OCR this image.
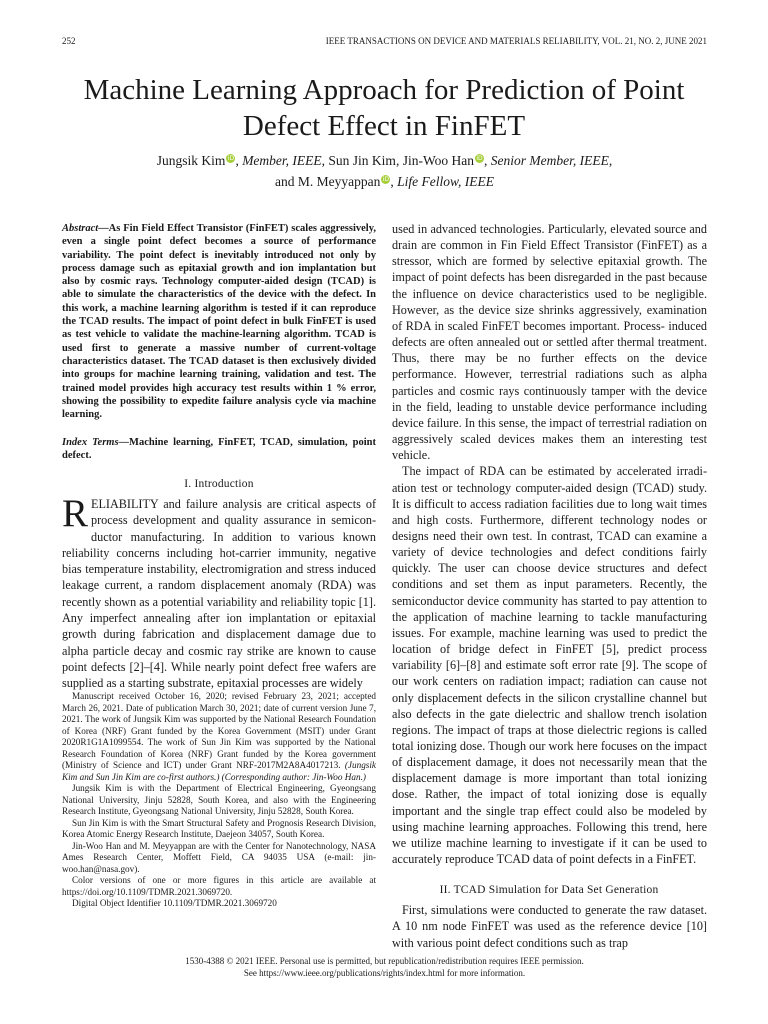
252	IEEE TRANSACTIONS ON DEVICE AND MATERIALS RELIABILITY, VOL. 21, NO. 2, JUNE 2021
Machine Learning Approach for Prediction of Point
Defect Effect in FinFET

Jungsik Kim iD, Member, IEEE, Sun Jin Kim, Jin-Woo Han iD, Senior Member, IEEE,

and M. Meyyappan iD, Life Fellow, IEEE

Abstract—As Fin Field Effect Transistor (FinFET) scales aggressively, even a single point defect becomes a source of performance variability. The point defect is inevitably introduced not only by process damage such as epitaxial growth and ion implantation but also by cosmic rays. Technology computer-aided design (TCAD) is able to simulate the characteristics of the device with the defect. In this work, a machine learning algorithm is tested if it can reproduce the TCAD results. The impact of point defect in bulk FinFET is used as test vehicle to validate the machine-learning algorithm. TCAD is used first to generate a massive number of current-voltage characteristics dataset. The TCAD dataset is then exclusively divided into groups for machine learning training, validation and test. The trained model provides high accuracy test results within 1 % error, showing the possibility to expedite failure analysis cycle via machine learning.

Index Terms—Machine learning, FinFET, TCAD, simulation, point defect.

I. Introduction

RELIABILITY and failure analysis are critical aspects of process development and quality assurance in semiconductor manufacturing. In addition to various known reliability concerns including hot-carrier immunity, negative bias temperature instability, electromigration and stress induced leakage current, a random displacement anomaly (RDA) was recently shown as a potential variability and reliability topic [1]. Any imperfect annealing after ion implantation or epitaxial growth during fabrication and displacement damage due to alpha particle decay and cosmic ray strike are known to cause point defects [2]–[4]. While nearly point defect free wafers are supplied as a starting substrate, epitaxial processes are widely

Manuscript received October 16, 2020; revised February 23, 2021; accepted March 26, 2021. Date of publication March 30, 2021; date of current version June 7, 2021. The work of Jungsik Kim was supported by the National Research Foundation of Korea (NRF) Grant funded by the Korea Government (MSIT) under Grant 2020R1G1A1099554. The work of Sun Jin Kim was supported by the National Research Foundation of Korea (NRF) Grant funded by the Korea government (Ministry of Science and ICT) under Grant NRF-2017M2A8A4017213. (Jungsik Kim and Sun Jin Kim are co-first authors.) (Corresponding author: Jin-Woo Han.)

Jungsik Kim is with the Department of Electrical Engineering, Gyeongsang National University, Jinju 52828, South Korea, and also with the Engineering Research Institute, Gyeongsang National University, Jinju 52828, South Korea.

Sun Jin Kim is with the Smart Structural Safety and Prognosis Research Division, Korea Atomic Energy Research Institute, Daejeon 34057, South Korea.

Jin-Woo Han and M. Meyyappan are with the Center for Nanotechnology, NASA Ames Research Center, Moffett Field, CA 94035 USA (e-mail: jin-woo.han@nasa.gov).

Color versions of one or more figures in this article are available at https://doi.org/10.1109/TDMR.2021.3069720.

Digital Object Identifier 10.1109/TDMR.2021.3069720

used in advanced technologies. Particularly, elevated source and drain are common in Fin Field Effect Transistor (FinFET) as a stressor, which are formed by selective epitaxial growth. The impact of point defects has been disregarded in the past because the influence on device characteristics used to be negligible. However, as the device size shrinks aggressively, examination of RDA in scaled FinFET becomes important. Process- induced defects are often annealed out or settled after thermal treatment. Thus, there may be no further effects on the device performance. However, terrestrial radiations such as alpha particles and cosmic rays continuously tamper with the device in the field, leading to unstable device performance including device failure. In this sense, the impact of terrestrial radiation on aggressively scaled devices makes them an interesting test vehicle.

The impact of RDA can be estimated by accelerated irradiation test or technology computer-aided design (TCAD) study. It is difficult to access radiation facilities due to long wait times and high costs. Furthermore, different technology nodes or designs need their own test. In contrast, TCAD can examine a variety of device technologies and defect conditions fairly quickly. The user can choose device structures and defect conditions and set them as input parameters. Recently, the semiconductor device community has started to pay attention to the application of machine learning to tackle manufacturing issues. For example, machine learning was used to predict the location of bridge defect in FinFET [5], predict process variability [6]–[8] and estimate soft error rate [9]. The scope of our work centers on radiation impact; radiation can cause not only displacement defects in the silicon crystalline channel but also defects in the gate dielectric and shallow trench isolation regions. The impact of traps at those dielectric regions is called total ionizing dose. Though our work here focuses on the impact of displacement damage, it does not necessarily mean that the displacement damage is more important than total ionizing dose. Rather, the impact of total ionizing dose is equally important and the single trap effect could also be modeled by using machine learning approaches. Following this trend, here we utilize machine learning to investigate if it can be used to accurately reproduce TCAD data of point defects in a FinFET.

II. TCAD Simulation for Data Set Generation

First, simulations were conducted to generate the raw dataset. A 10 nm node FinFET was used as the reference device [10] with various point defect conditions such as trap

1530-4388 © 2021 IEEE. Personal use is permitted, but republication/redistribution requires IEEE permission.

See https://www.ieee.org/publications/rights/index.html for more information.
